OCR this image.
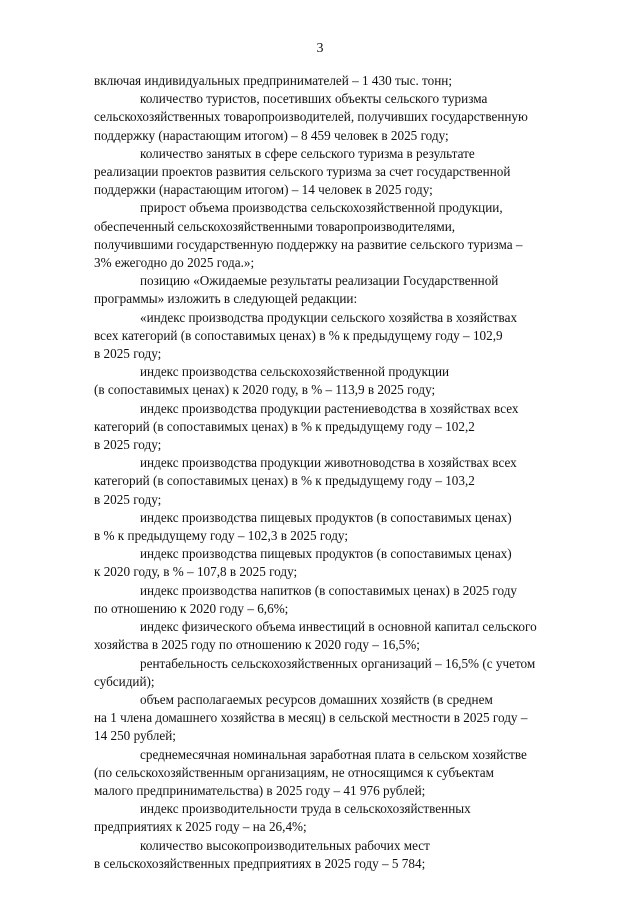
3
включая индивидуальных предпринимателей – 1 430 тыс. тонн;
количество туристов, посетивших объекты сельского туризма
сельскохозяйственных товаропроизводителей, получивших государственную
поддержку (нарастающим итогом) – 8 459 человек в 2025 году;
количество занятых в сфере сельского туризма в результате
реализации проектов развития сельского туризма за счет государственной
поддержки (нарастающим итогом) – 14 человек в 2025 году;
прирост объема производства сельскохозяйственной продукции,
обеспеченный сельскохозяйственными товаропроизводителями,
получившими государственную поддержку на развитие сельского туризма –
3% ежегодно до 2025 года.»;
позицию «Ожидаемые результаты реализации Государственной
программы» изложить в следующей редакции:
«индекс производства продукции сельского хозяйства в хозяйствах
всех категорий (в сопоставимых ценах) в % к предыдущему году – 102,9
в 2025 году;
индекс производства сельскохозяйственной продукции
(в сопоставимых ценах) к 2020 году, в % – 113,9 в 2025 году;
индекс производства продукции растениеводства в хозяйствах всех
категорий (в сопоставимых ценах) в % к предыдущему году – 102,2
в 2025 году;
индекс производства продукции животноводства в хозяйствах всех
категорий (в сопоставимых ценах) в % к предыдущему году – 103,2
в 2025 году;
индекс производства пищевых продуктов (в сопоставимых ценах)
в % к предыдущему году – 102,3 в 2025 году;
индекс производства пищевых продуктов (в сопоставимых ценах)
к 2020 году, в % – 107,8 в 2025 году;
индекс производства напитков (в сопоставимых ценах) в 2025 году
по отношению к 2020 году – 6,6%;
индекс физического объема инвестиций в основной капитал сельского
хозяйства в 2025 году по отношению к 2020 году – 16,5%;
рентабельность сельскохозяйственных организаций – 16,5% (с учетом
субсидий);
объем располагаемых ресурсов домашних хозяйств (в среднем
на 1 члена домашнего хозяйства в месяц) в сельской местности в 2025 году –
14 250 рублей;
среднемесячная номинальная заработная плата в сельском хозяйстве
(по сельскохозяйственным организациям, не относящимся к субъектам
малого предпринимательства) в 2025 году – 41 976 рублей;
индекс производительности труда в сельскохозяйственных
предприятиях к 2025 году – на 26,4%;
количество высокопроизводительных рабочих мест
в сельскохозяйственных предприятиях в 2025 году – 5 784;
